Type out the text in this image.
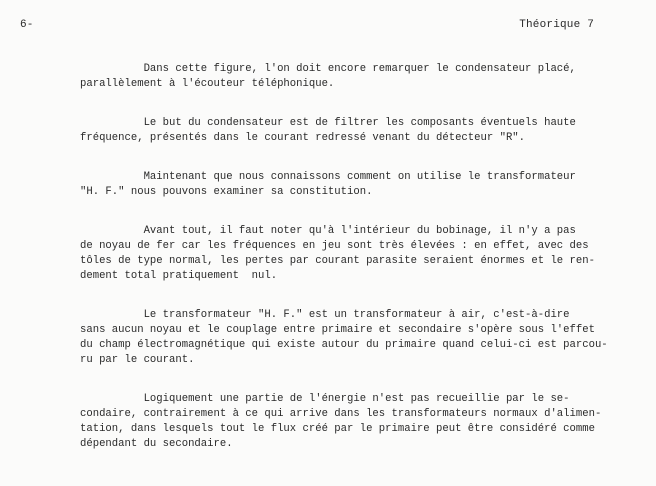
6-	Théorique 7
Dans cette figure, l'on doit encore remarquer le condensateur placé,
parallèlement à l'écouteur téléphonique.
Le but du condensateur est de filtrer les composants éventuels haute
fréquence, présentés dans le courant redressé venant du détecteur "R".
Maintenant que nous connaissons comment on utilise le transformateur
"H. F." nous pouvons examiner sa constitution.
Avant tout, il faut noter qu'à l'intérieur du bobinage, il n'y a pas
de noyau de fer car les fréquences en jeu sont très élevées : en effet, avec des
tôles de type normal, les pertes par courant parasite seraient énormes et le ren-
dement total pratiquement  nul.
Le transformateur "H. F." est un transformateur à air, c'est-à-dire
sans aucun noyau et le couplage entre primaire et secondaire s'opère sous l'effet
du champ électromagnétique qui existe autour du primaire quand celui-ci est parcou-
ru par le courant.
Logiquement une partie de l'énergie n'est pas recueillie par le se-
condaire, contrairement à ce qui arrive dans les transformateurs normaux d'alimen-
tation, dans lesquels tout le flux créé par le primaire peut être considéré comme
dépendant du secondaire.
